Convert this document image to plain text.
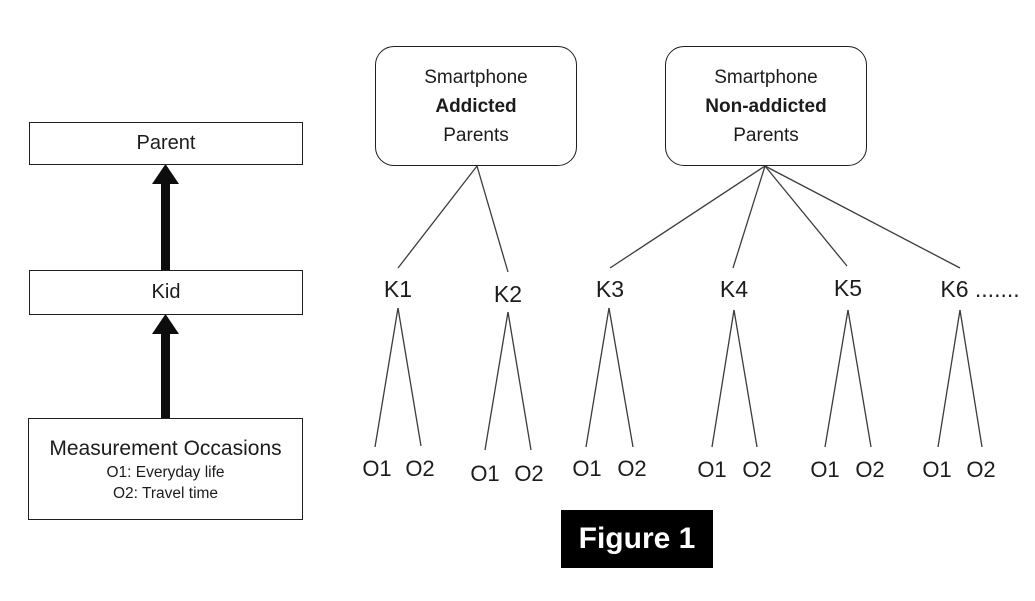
Parent
Kid
Measurement Occasions
O1: Everyday life
O2: Travel time
Smartphone
Addicted
Parents
Smartphone
Non-addicted
Parents
K1	K2	K3	K4	K5	K6 .......
O1 O2 O1 O2 O1 O2 O1 O2 O1 O2 O1 O2
Figure 1
